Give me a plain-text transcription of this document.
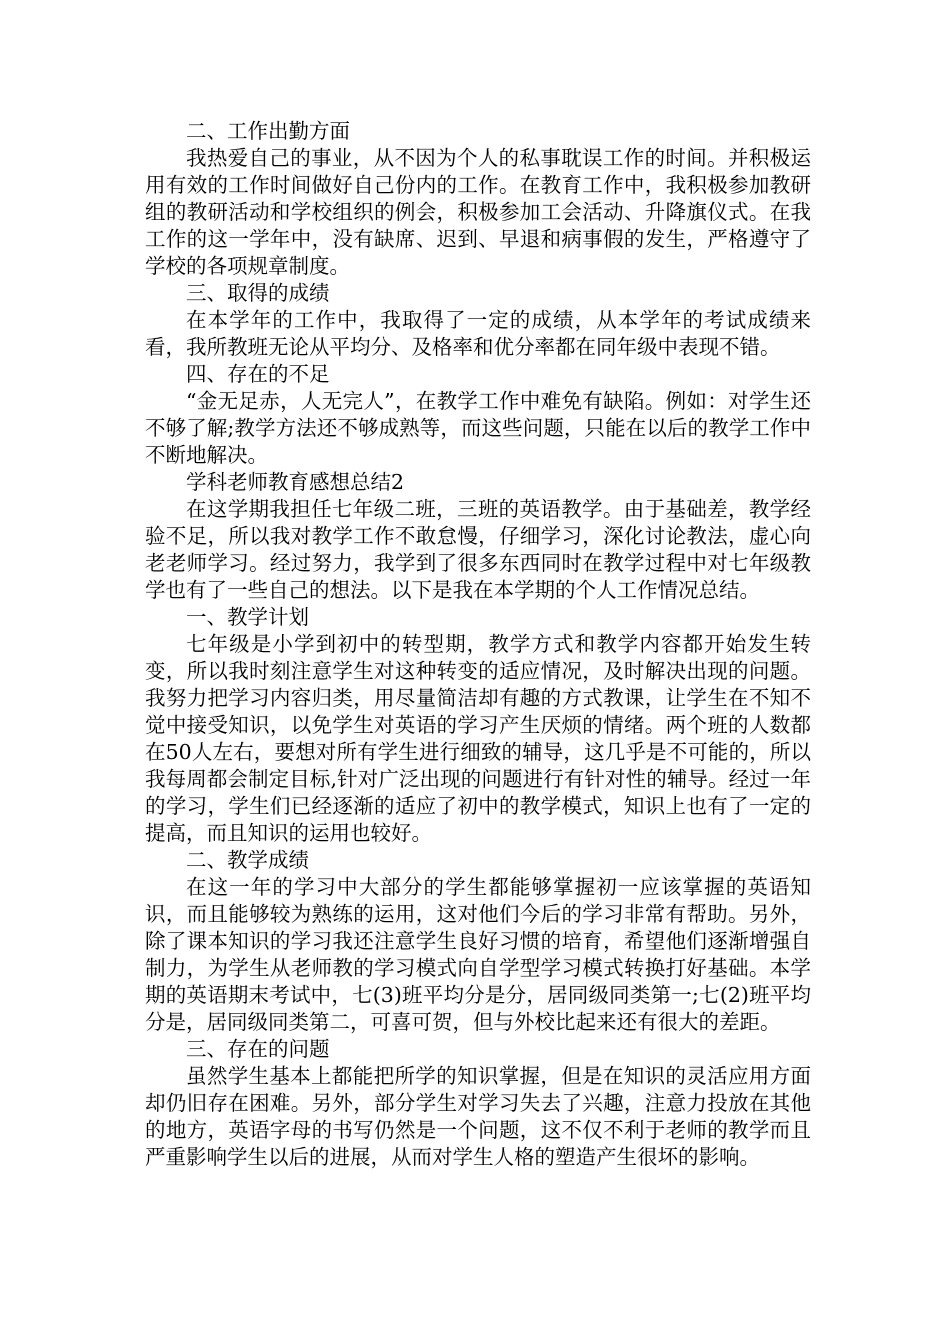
二、工作出勤方面

我热爱自己的事业，从不因为个人的私事耽误工作的时间。并积极运用有效的工作时间做好自己份内的工作。在教育工作中，我积极参加教研组的教研活动和学校组织的例会，积极参加工会活动、升降旗仪式。在我工作的这一学年中，没有缺席、迟到、早退和病事假的发生，严格遵守了学校的各项规章制度。

三、取得的成绩

在本学年的工作中，我取得了一定的成绩，从本学年的考试成绩来看，我所教班无论从平均分、及格率和优分率都在同年级中表现不错。

四、存在的不足

“金无足赤，人无完人”，在教学工作中难免有缺陷。例如：对学生还不够了解;教学方法还不够成熟等，而这些问题，只能在以后的教学工作中不断地解决。

学科老师教育感想总结2

在这学期我担任七年级二班，三班的英语教学。由于基础差，教学经验不足，所以我对教学工作不敢怠慢，仔细学习，深化讨论教法，虚心向老老师学习。经过努力，我学到了很多东西同时在教学过程中对七年级教学也有了一些自己的想法。以下是我在本学期的个人工作情况总结。

一、教学计划

七年级是小学到初中的转型期，教学方式和教学内容都开始发生转变，所以我时刻注意学生对这种转变的适应情况，及时解决出现的问题。我努力把学习内容归类，用尽量简洁却有趣的方式教课，让学生在不知不觉中接受知识，以免学生对英语的学习产生厌烦的情绪。两个班的人数都在50人左右，要想对所有学生进行细致的辅导，这几乎是不可能的，所以我每周都会制定目标,针对广泛出现的问题进行有针对性的辅导。经过一年的学习，学生们已经逐渐的适应了初中的教学模式，知识上也有了一定的提高，而且知识的运用也较好。

二、教学成绩

在这一年的学习中大部分的学生都能够掌握初一应该掌握的英语知识，而且能够较为熟练的运用，这对他们今后的学习非常有帮助。另外，除了课本知识的学习我还注意学生良好习惯的培育，希望他们逐渐增强自制力，为学生从老师教的学习模式向自学型学习模式转换打好基础。本学期的英语期末考试中，七(3)班平均分是分，居同级同类第一;七(2)班平均分是，居同级同类第二，可喜可贺，但与外校比起来还有很大的差距。

三、存在的问题

虽然学生基本上都能把所学的知识掌握，但是在知识的灵活应用方面却仍旧存在困难。另外，部分学生对学习失去了兴趣，注意力投放在其他的地方，英语字母的书写仍然是一个问题，这不仅不利于老师的教学而且严重影响学生以后的进展，从而对学生人格的塑造产生很坏的影响。
